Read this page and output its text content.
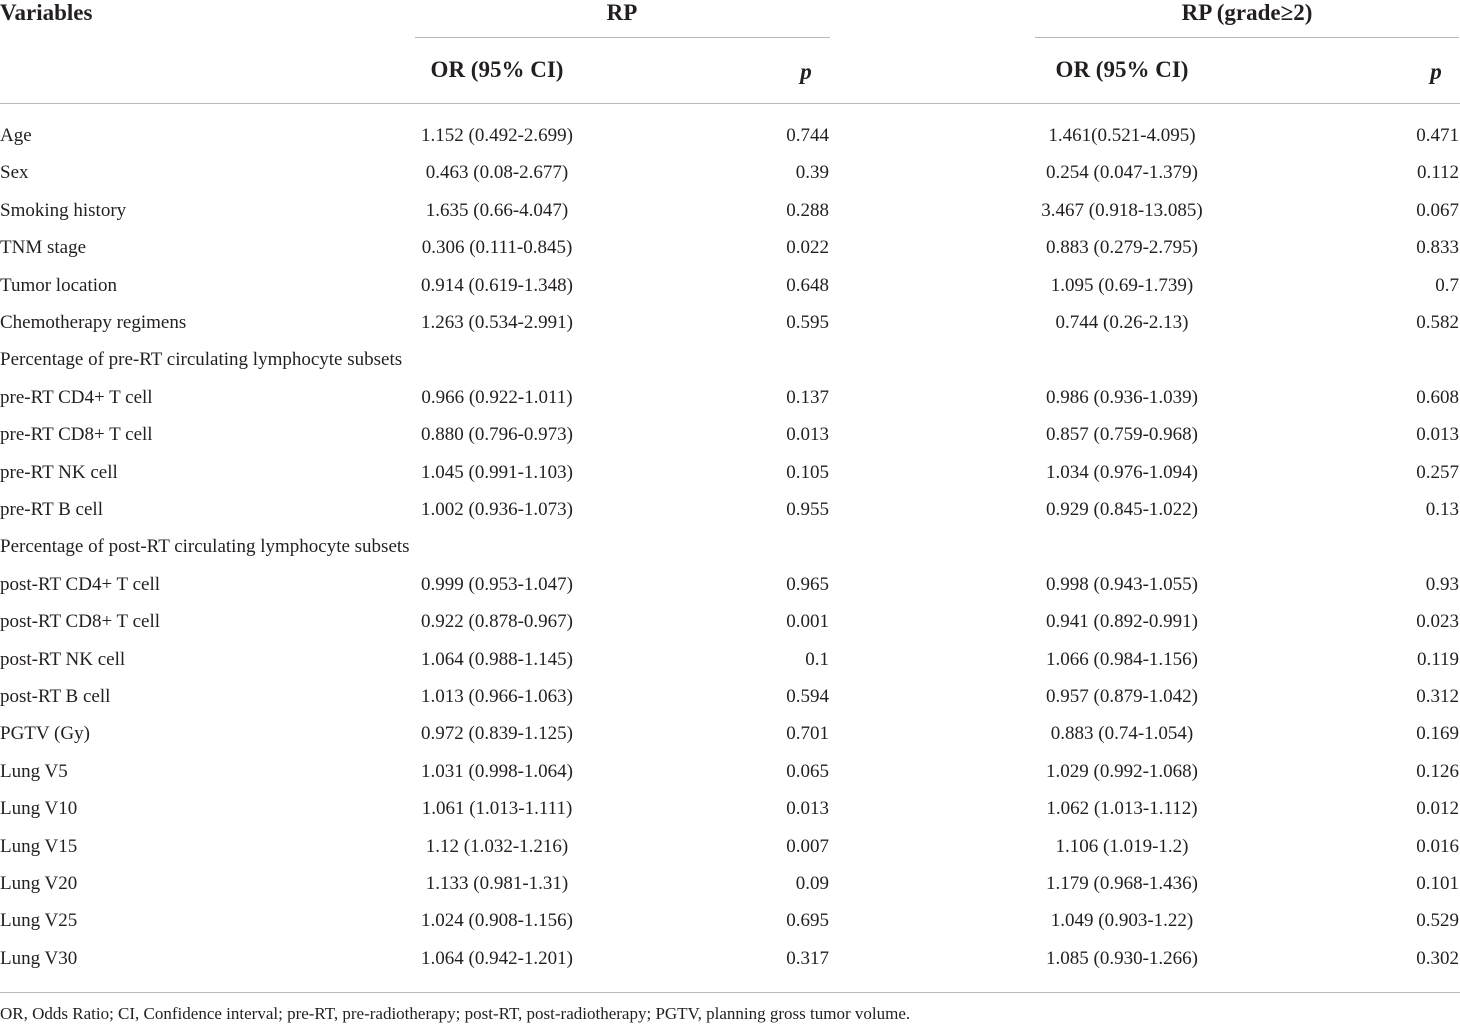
Variables	RP	RP (grade≥2)
OR (95% CI)	p	OR (95% CI)	p
Age	1.152 (0.492-2.699)	0.744	1.461(0.521-4.095)	0.471
Sex	0.463 (0.08-2.677)	0.39	0.254 (0.047-1.379)	0.112
Smoking history	1.635 (0.66-4.047)	0.288	3.467 (0.918-13.085)	0.067
TNM stage	0.306 (0.111-0.845)	0.022	0.883 (0.279-2.795)	0.833
Tumor location	0.914 (0.619-1.348)	0.648	1.095 (0.69-1.739)	0.7
Chemotherapy regimens	1.263 (0.534-2.991)	0.595	0.744 (0.26-2.13)	0.582
Percentage of pre-RT circulating lymphocyte subsets
pre-RT CD4+ T cell	0.966 (0.922-1.011)	0.137	0.986 (0.936-1.039)	0.608
pre-RT CD8+ T cell	0.880 (0.796-0.973)	0.013	0.857 (0.759-0.968)	0.013
pre-RT NK cell	1.045 (0.991-1.103)	0.105	1.034 (0.976-1.094)	0.257
pre-RT B cell	1.002 (0.936-1.073)	0.955	0.929 (0.845-1.022)	0.13
Percentage of post-RT circulating lymphocyte subsets
post-RT CD4+ T cell	0.999 (0.953-1.047)	0.965	0.998 (0.943-1.055)	0.93
post-RT CD8+ T cell	0.922 (0.878-0.967)	0.001	0.941 (0.892-0.991)	0.023
post-RT NK cell	1.064 (0.988-1.145)	0.1	1.066 (0.984-1.156)	0.119
post-RT B cell	1.013 (0.966-1.063)	0.594	0.957 (0.879-1.042)	0.312
PGTV (Gy)	0.972 (0.839-1.125)	0.701	0.883 (0.74-1.054)	0.169
Lung V5	1.031 (0.998-1.064)	0.065	1.029 (0.992-1.068)	0.126
Lung V10	1.061 (1.013-1.111)	0.013	1.062 (1.013-1.112)	0.012
Lung V15	1.12 (1.032-1.216)	0.007	1.106 (1.019-1.2)	0.016
Lung V20	1.133 (0.981-1.31)	0.09	1.179 (0.968-1.436)	0.101
Lung V25	1.024 (0.908-1.156)	0.695	1.049 (0.903-1.22)	0.529
Lung V30	1.064 (0.942-1.201)	0.317	1.085 (0.930-1.266)	0.302
OR, Odds Ratio; CI, Confidence interval; pre-RT, pre-radiotherapy; post-RT, post-radiotherapy; PGTV, planning gross tumor volume.
